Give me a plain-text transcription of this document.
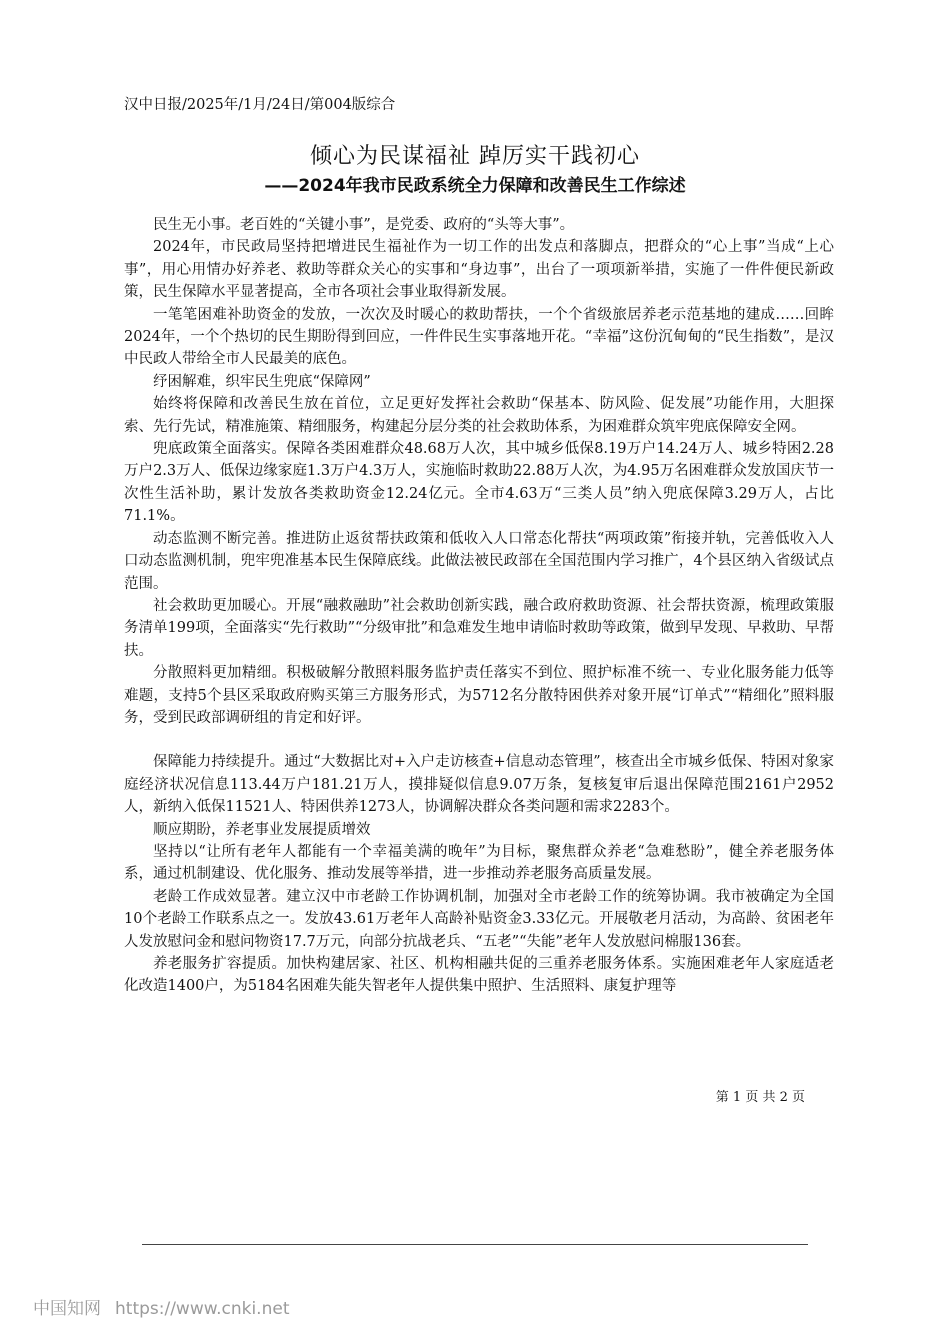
汉中日报/2025年/1月/24日/第004版综合
倾心为民谋福祉 踔厉实干践初心
——2024年我市民政系统全力保障和改善民生工作综述

民生无小事。老百姓的“关键小事”，是党委、政府的“头等大事”。

2024年，市民政局坚持把增进民生福祉作为一切工作的出发点和落脚点，把群众的“心上事”当成“上心事”，用心用情办好养老、救助等群众关心的实事和“身边事”，出台了一项项新举措，实施了一件件便民新政策，民生保障水平显著提高，全市各项社会事业取得新发展。

一笔笔困难补助资金的发放，一次次及时暖心的救助帮扶，一个个省级旅居养老示范基地的建成……回眸2024年，一个个热切的民生期盼得到回应，一件件民生实事落地开花。“幸福”这份沉甸甸的“民生指数”，是汉中民政人带给全市人民最美的底色。

纾困解难，织牢民生兜底“保障网”

始终将保障和改善民生放在首位，立足更好发挥社会救助“保基本、防风险、促发展”功能作用，大胆探索、先行先试，精准施策、精细服务，构建起分层分类的社会救助体系，为困难群众筑牢兜底保障安全网。

兜底政策全面落实。保障各类困难群众48.68万人次，其中城乡低保8.19万户14.24万人、城乡特困2.28万户2.3万人、低保边缘家庭1.3万户4.3万人，实施临时救助22.88万人次，为4.95万名困难群众发放国庆节一次性生活补助，累计发放各类救助资金12.24亿元。全市4.63万“三类人员”纳入兜底保障3.29万人，占比71.1%。

动态监测不断完善。推进防止返贫帮扶政策和低收入人口常态化帮扶“两项政策”衔接并轨，完善低收入人口动态监测机制，兜牢兜准基本民生保障底线。此做法被民政部在全国范围内学习推广，4个县区纳入省级试点范围。

社会救助更加暖心。开展“融救融助”社会救助创新实践，融合政府救助资源、社会帮扶资源，梳理政策服务清单199项，全面落实“先行救助”“分级审批”和急难发生地申请临时救助等政策，做到早发现、早救助、早帮扶。

分散照料更加精细。积极破解分散照料服务监护责任落实不到位、照护标准不统一、专业化服务能力低等难题，支持5个县区采取政府购买第三方服务形式，为5712名分散特困供养对象开展“订单式”“精细化”照料服务，受到民政部调研组的肯定和好评。

保障能力持续提升。通过“大数据比对+入户走访核查+信息动态管理”，核查出全市城乡低保、特困对象家庭经济状况信息113.44万户181.21万人，摸排疑似信息9.07万条，复核复审后退出保障范围2161户2952人，新纳入低保11521人、特困供养1273人，协调解决群众各类问题和需求2283个。

顺应期盼，养老事业发展提质增效

坚持以“让所有老年人都能有一个幸福美满的晚年”为目标，聚焦群众养老“急难愁盼”，健全养老服务体系，通过机制建设、优化服务、推动发展等举措，进一步推动养老服务高质量发展。

老龄工作成效显著。建立汉中市老龄工作协调机制，加强对全市老龄工作的统筹协调。我市被确定为全国10个老龄工作联系点之一。发放43.61万老年人高龄补贴资金3.33亿元。开展敬老月活动，为高龄、贫困老年人发放慰问金和慰问物资17.7万元，向部分抗战老兵、“五老”“失能”老年人发放慰问棉服136套。

养老服务扩容提质。加快构建居家、社区、机构相融共促的三重养老服务体系。实施困难老年人家庭适老化改造1400户，为5184名困难失能失智老年人提供集中照护、生活照料、康复护理等

第 1 页 共 2 页
中国知网 https://www.cnki.net
